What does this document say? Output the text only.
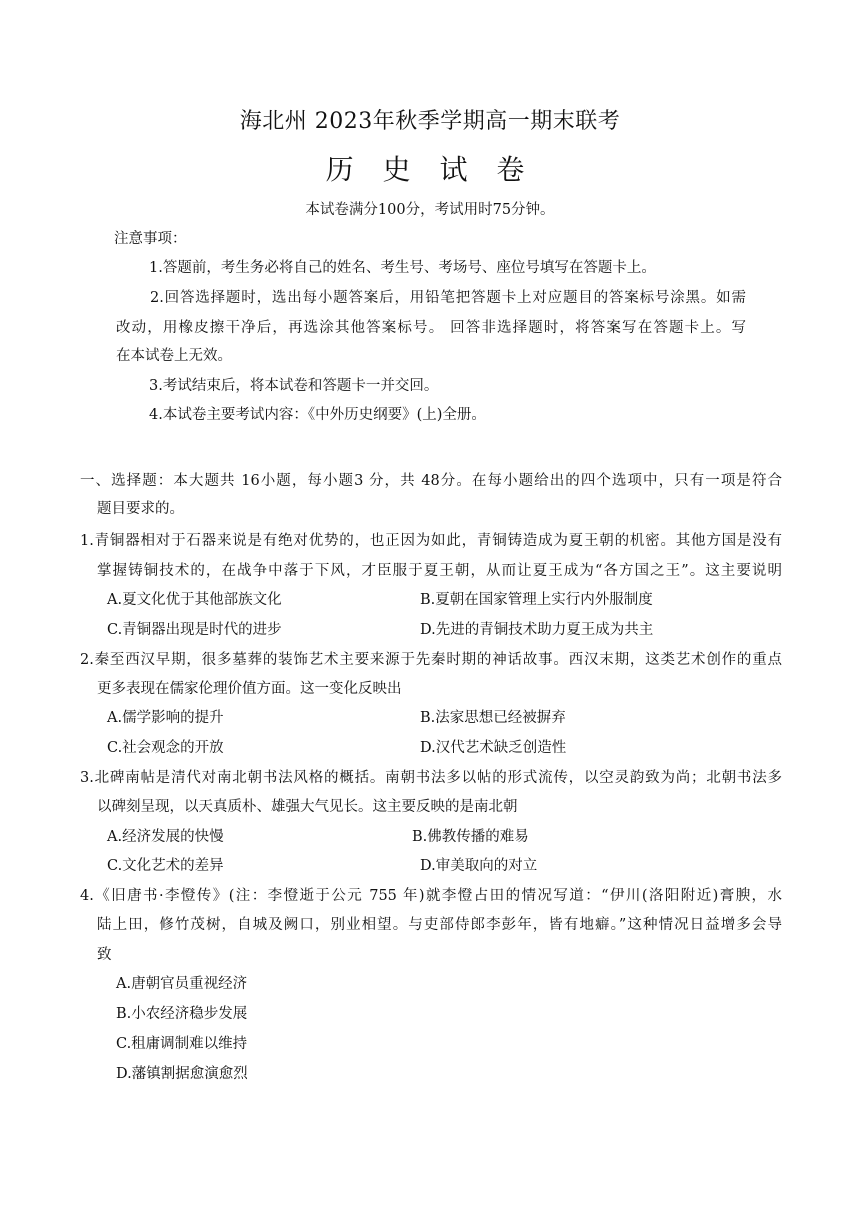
海北州 2023年秋季学期高一期末联考
历 史 试 卷
本试卷满分100分，考试用时75分钟。
注意事项：
1.答题前，考生务必将自己的姓名、考生号、考场号、座位号填写在答题卡上。
2.回答选择题时，选出每小题答案后，用铅笔把答题卡上对应题目的答案标号涂黑。如需
改动，用橡皮擦干净后，再选涂其他答案标号。 回答非选择题时，将答案写在答题卡上。写
在本试卷上无效。
3.考试结束后，将本试卷和答题卡一并交回。
4.本试卷主要考试内容：《中外历史纲要》(上)全册。
一、选择题：本大题共 16小题，每小题3 分，共 48分。在每小题给出的四个选项中，只有一项是符合
题目要求的。
1.青铜器相对于石器来说是有绝对优势的，也正因为如此，青铜铸造成为夏王朝的机密。其他方国是没有
掌握铸铜技术的，在战争中落于下风，才臣服于夏王朝，从而让夏王成为“各方国之王”。这主要说明
A.夏文化优于其他部族文化	B.夏朝在国家管理上实行内外服制度
C.青铜器出现是时代的进步	D.先进的青铜技术助力夏王成为共主
2.秦至西汉早期，很多墓葬的装饰艺术主要来源于先秦时期的神话故事。西汉末期，这类艺术创作的重点
更多表现在儒家伦理价值方面。这一变化反映出
A.儒学影响的提升	B.法家思想已经被摒弃
C.社会观念的开放	D.汉代艺术缺乏创造性
3.北碑南帖是清代对南北朝书法风格的概括。南朝书法多以帖的形式流传，以空灵韵致为尚；北朝书法多
以碑刻呈现，以天真质朴、雄强大气见长。这主要反映的是南北朝
A.经济发展的快慢	B.佛教传播的难易
C.文化艺术的差异	D.审美取向的对立
4.《旧唐书·李憕传》(注：李憕逝于公元 755 年)就李憕占田的情况写道：“伊川(洛阳附近)膏腴，水
陆上田，修竹茂树，自城及阙口，别业相望。与吏部侍郎李彭年，皆有地癖。”这种情况日益增多会导
致
A.唐朝官员重视经济
B.小农经济稳步发展
C.租庸调制难以维持
D.藩镇割据愈演愈烈
